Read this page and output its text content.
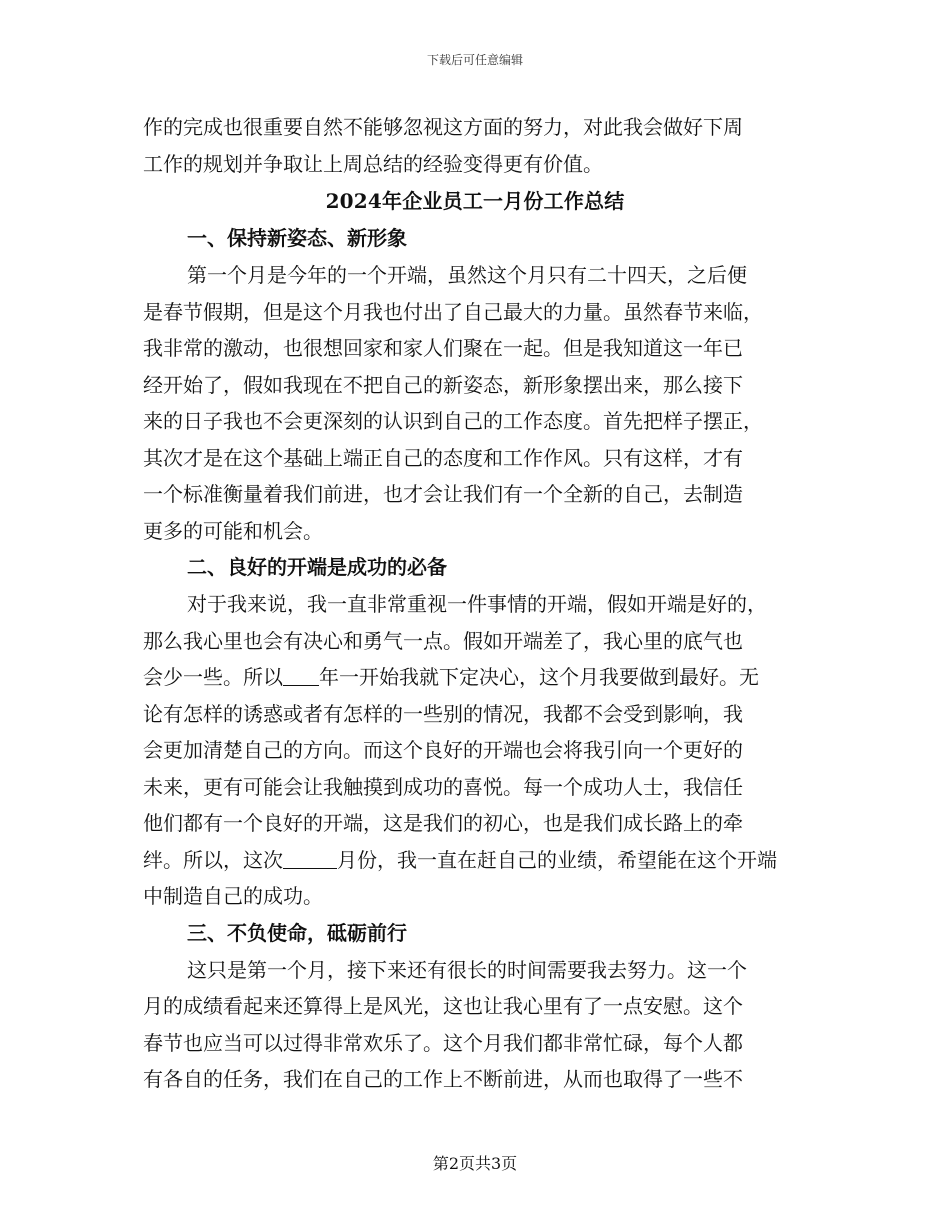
下载后可任意编辑

作的完成也很重要自然不能够忽视这方面的努力，对此我会做好下周

工作的规划并争取让上周总结的经验变得更有价值。

2024年企业员工一月份工作总结
一、保持新姿态、新形象

第一个月是今年的一个开端，虽然这个月只有二十四天，之后便

是春节假期，但是这个月我也付出了自己最大的力量。虽然春节来临，

我非常的激动，也很想回家和家人们聚在一起。但是我知道这一年已

经开始了，假如我现在不把自己的新姿态，新形象摆出来，那么接下

来的日子我也不会更深刻的认识到自己的工作态度。首先把样子摆正，

其次才是在这个基础上端正自己的态度和工作作风。只有这样，才有

一个标准衡量着我们前进，也才会让我们有一个全新的自己，去制造

更多的可能和机会。

二、良好的开端是成功的必备

对于我来说，我一直非常重视一件事情的开端，假如开端是好的，

那么我心里也会有决心和勇气一点。假如开端差了，我心里的底气也

会少一些。所以 年一开始我就下定决心，这个月我要做到最好。无

论有怎样的诱惑或者有怎样的一些别的情况，我都不会受到影响，我

会更加清楚自己的方向。而这个良好的开端也会将我引向一个更好的

未来，更有可能会让我触摸到成功的喜悦。每一个成功人士，我信任

他们都有一个良好的开端，这是我们的初心，也是我们成长路上的牵

绊。所以，这次	月份，我一直在赶自己的业绩，希望能在这个开端

中制造自己的成功。

三、不负使命，砥砺前行

这只是第一个月，接下来还有很长的时间需要我去努力。这一个

月的成绩看起来还算得上是风光，这也让我心里有了一点安慰。这个

春节也应当可以过得非常欢乐了。这个月我们都非常忙碌，每个人都

有各自的任务，我们在自己的工作上不断前进，从而也取得了一些不

第2页共3页
